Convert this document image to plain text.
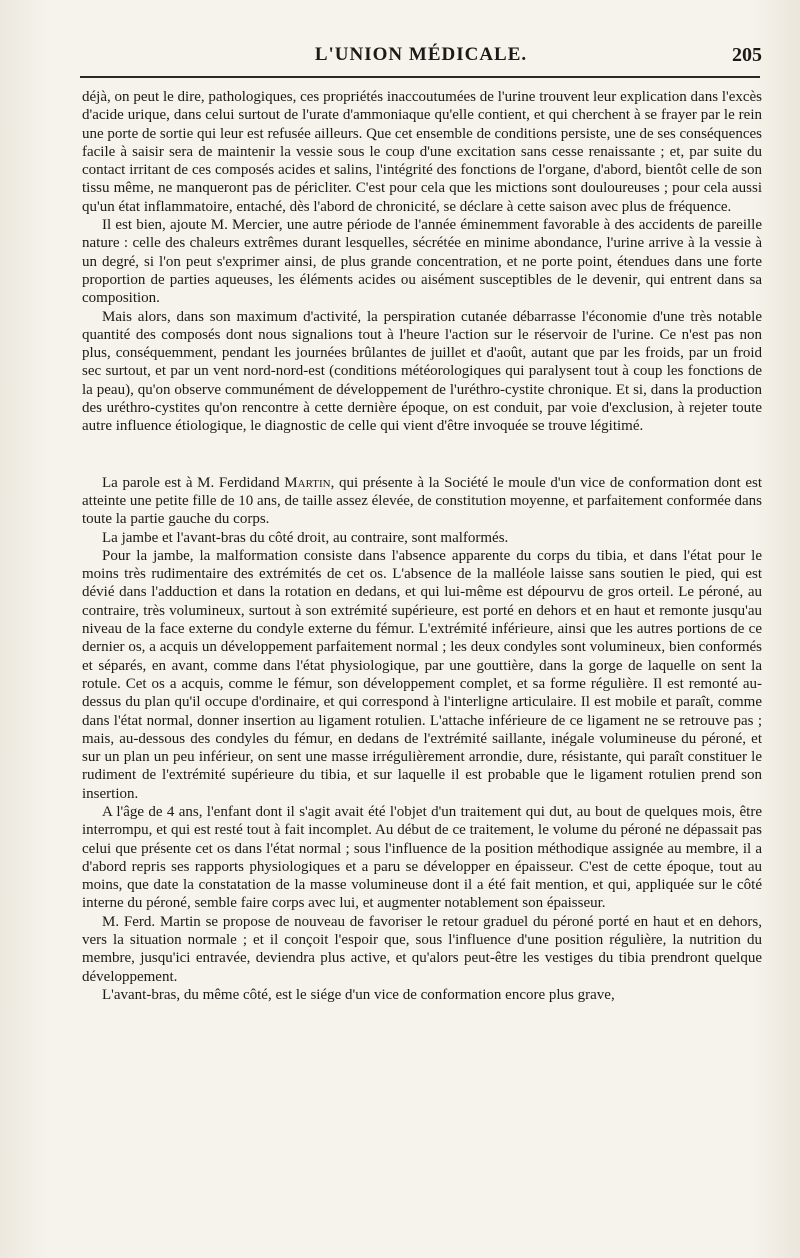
L'UNION MÉDICALE.	205

déjà, on peut le dire, pathologiques, ces propriétés inaccoutumées de l'urine trouvent leur explication dans l'excès d'acide urique, dans celui surtout de l'urate d'ammoniaque qu'elle contient, et qui cherchent à se frayer par le rein une porte de sortie qui leur est refusée ailleurs. Que cet ensemble de conditions persiste, une de ses conséquences facile à saisir sera de maintenir la vessie sous le coup d'une excitation sans cesse renaissante ; et, par suite du contact irritant de ces composés acides et salins, l'intégrité des fonctions de l'organe, d'abord, bientôt celle de son tissu même, ne manqueront pas de péricliter. C'est pour cela que les mictions sont douloureuses ; pour cela aussi qu'un état inflammatoire, entaché, dès l'abord de chronicité, se déclare à cette saison avec plus de fréquence.

Il est bien, ajoute M. Mercier, une autre période de l'année éminemment favorable à des accidents de pareille nature : celle des chaleurs extrêmes durant lesquelles, sécrétée en minime abondance, l'urine arrive à la vessie à un degré, si l'on peut s'exprimer ainsi, de plus grande concentration, et ne porte point, étendues dans une forte proportion de parties aqueuses, les éléments acides ou aisément susceptibles de le devenir, qui entrent dans sa composition.

Mais alors, dans son maximum d'activité, la perspiration cutanée débarrasse l'économie d'une très notable quantité des composés dont nous signalions tout à l'heure l'action sur le réservoir de l'urine. Ce n'est pas non plus, conséquemment, pendant les journées brûlantes de juillet et d'août, autant que par les froids, par un froid sec surtout, et par un vent nord-nord-est (conditions météorologiques qui paralysent tout à coup les fonctions de la peau), qu'on observe communément de développement de l'uréthro-cystite chronique. Et si, dans la production des uréthro-cystites qu'on rencontre à cette dernière époque, on est conduit, par voie d'exclusion, à rejeter toute autre influence étiologique, le diagnostic de celle qui vient d'être invoquée se trouve légitimé.

La parole est à M. Ferdidand Martin, qui présente à la Société le moule d'un vice de conformation dont est atteinte une petite fille de 10 ans, de taille assez élevée, de constitution moyenne, et parfaitement conformée dans toute la partie gauche du corps.

La jambe et l'avant-bras du côté droit, au contraire, sont malformés.

Pour la jambe, la malformation consiste dans l'absence apparente du corps du tibia, et dans l'état pour le moins très rudimentaire des extrémités de cet os. L'absence de la malléole laisse sans soutien le pied, qui est dévié dans l'adduction et dans la rotation en dedans, et qui lui-même est dépourvu de gros orteil. Le péroné, au contraire, très volumineux, surtout à son extrémité supérieure, est porté en dehors et en haut et remonte jusqu'au niveau de la face externe du condyle externe du fémur. L'extrémité inférieure, ainsi que les autres portions de ce dernier os, a acquis un développement parfaitement normal ; les deux condyles sont volumineux, bien conformés et séparés, en avant, comme dans l'état physiologique, par une gouttière, dans la gorge de laquelle on sent la rotule. Cet os a acquis, comme le fémur, son développement complet, et sa forme régulière. Il est remonté au-dessus du plan qu'il occupe d'ordinaire, et qui correspond à l'interligne articulaire. Il est mobile et paraît, comme dans l'état normal, donner insertion au ligament rotulien. L'attache inférieure de ce ligament ne se retrouve pas ; mais, au-dessous des condyles du fémur, en dedans de l'extrémité saillante, inégale volumineuse du péroné, et sur un plan un peu inférieur, on sent une masse irrégulièrement arrondie, dure, résistante, qui paraît constituer le rudiment de l'extrémité supérieure du tibia, et sur laquelle il est probable que le ligament rotulien prend son insertion.

A l'âge de 4 ans, l'enfant dont il s'agit avait été l'objet d'un traitement qui dut, au bout de quelques mois, être interrompu, et qui est resté tout à fait incomplet. Au début de ce traitement, le volume du péroné ne dépassait pas celui que présente cet os dans l'état normal ; sous l'influence de la position méthodique assignée au membre, il a d'abord repris ses rapports physiologiques et a paru se développer en épaisseur. C'est de cette époque, tout au moins, que date la constatation de la masse volumineuse dont il a été fait mention, et qui, appliquée sur le côté interne du péroné, semble faire corps avec lui, et augmenter notablement son épaisseur.

M. Ferd. Martin se propose de nouveau de favoriser le retour graduel du péroné porté en haut et en dehors, vers la situation normale ; et il conçoit l'espoir que, sous l'influence d'une position régulière, la nutrition du membre, jusqu'ici entravée, deviendra plus active, et qu'alors peut-être les vestiges du tibia prendront quelque développement.

L'avant-bras, du même côté, est le siége d'un vice de conformation encore plus grave,
